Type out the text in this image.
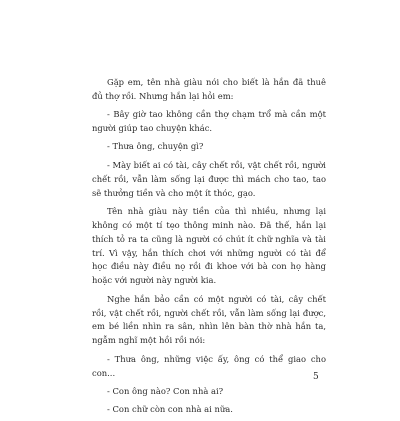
Gặp em, tên nhà giàu nói cho biết là hắn đã thuê đủ thợ rồi. Nhưng hắn lại hỏi em:

- Bây giờ tao không cần thợ chạm trổ mà cần một người giúp tao chuyện khác.

- Thưa ông, chuyện gì?

- Mày biết ai có tài, cây chết rồi, vật chết rồi, người chết rồi, vẫn làm sống lại được thì mách cho tao, tao sẽ thưởng tiền và cho một ít thóc, gạo.

Tên nhà giàu này tiền của thì nhiều, nhưng lại không có một tí tẹo thông minh nào. Đã thế, hắn lại thích tỏ ra ta cũng là người có chút ít chữ nghĩa và tài trí. Vì vậy, hắn thích chơi với những người có tài để học điều này điều nọ rồi đi khoe với bà con họ hàng hoặc với người này người kia.

Nghe hắn bảo cần có một người có tài, cây chết rồi, vật chết rồi, người chết rồi, vẫn làm sống lại được, em bé liền nhìn ra sân, nhìn lên bàn thờ nhà hắn ta, ngẫm nghĩ một hồi rồi nói:

- Thưa ông, những việc ấy, ông có thể giao cho con...

- Con ông nào? Con nhà ai?

- Con chữ còn con nhà ai nữa.

5
